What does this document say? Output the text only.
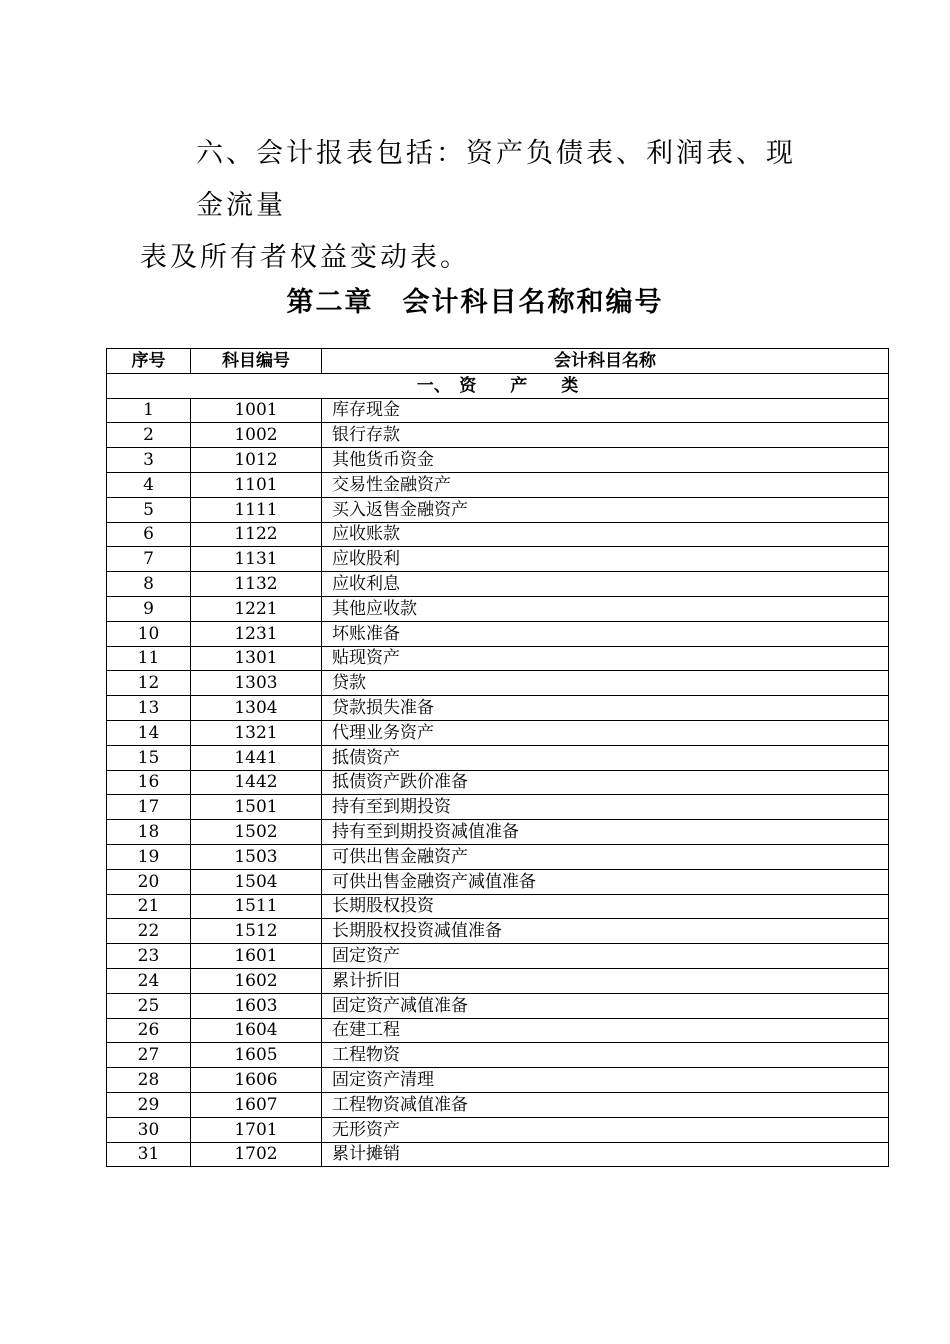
六、会计报表包括：资产负债表、利润表、现金流量
表及所有者权益变动表。
第二章　会计科目名称和编号
序号	科目编号	会计科目名称
一、　资　　产　　类		
1	1001	库存现金
2	1002	银行存款
3	1012	其他货币资金
4	1101	交易性金融资产
5	1111	买入返售金融资产
6	1122	应收账款
7	1131	应收股利
8	1132	应收利息
9	1221	其他应收款
10	1231	坏账准备
11	1301	贴现资产
12	1303	贷款
13	1304	贷款损失准备
14	1321	代理业务资产
15	1441	抵债资产
16	1442	抵债资产跌价准备
17	1501	持有至到期投资
18	1502	持有至到期投资减值准备
19	1503	可供出售金融资产
20	1504	可供出售金融资产减值准备
21	1511	长期股权投资
22	1512	长期股权投资减值准备
23	1601	固定资产
24	1602	累计折旧
25	1603	固定资产减值准备
26	1604	在建工程
27	1605	工程物资
28	1606	固定资产清理
29	1607	工程物资减值准备
30	1701	无形资产
31	1702	累计摊销
